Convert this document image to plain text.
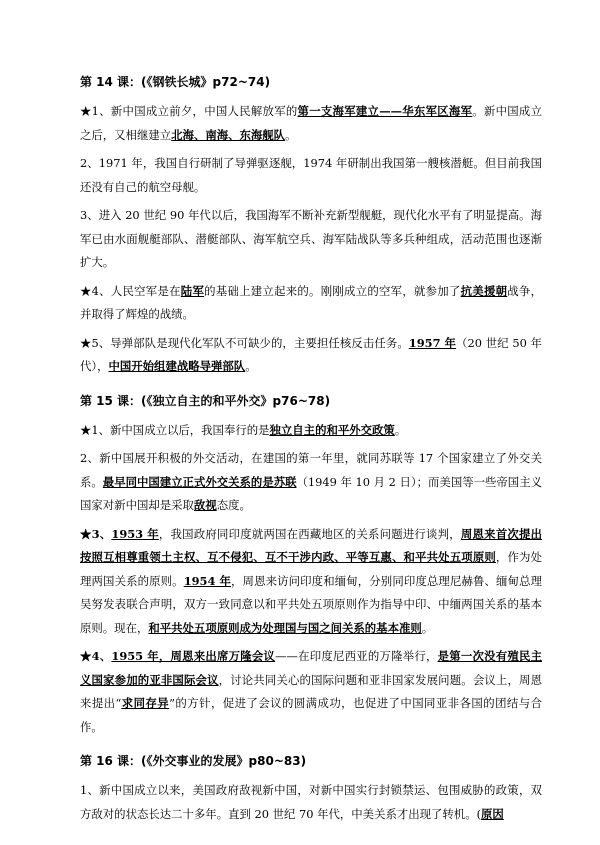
第 14 课：(《钢铁长城》p72~74)
★1、新中国成立前夕，中国人民解放军的第一支海军建立——华东军区海军。新中国成立之后，又相继建立北海、南海、东海舰队。
2、1971 年，我国自行研制了导弹驱逐舰，1974 年研制出我国第一艘核潜艇。但目前我国还没有自己的航空母舰。
3、进入 20 世纪 90 年代以后，我国海军不断补充新型舰艇，现代化水平有了明显提高。海军已由水面舰艇部队、潜艇部队、海军航空兵、海军陆战队等多兵种组成，活动范围也逐渐扩大。
★4、人民空军是在陆军的基础上建立起来的。刚刚成立的空军，就参加了抗美援朝战争，并取得了辉煌的战绩。
★5、导弹部队是现代化军队不可缺少的，主要担任核反击任务。1957 年（20 世纪 50 年代），中国开始组建战略导弹部队。
第 15 课：(《独立自主的和平外交》p76~78)
★1、新中国成立以后，我国奉行的是独立自主的和平外交政策。
2、新中国展开积极的外交活动，在建国的第一年里，就同苏联等 17 个国家建立了外交关系。最早同中国建立正式外交关系的是苏联（1949 年 10 月 2 日）；而美国等一些帝国主义国家对新中国却是采取敌视态度。
★3、1953 年，我国政府同印度就两国在西藏地区的关系问题进行谈判，周恩来首次提出按照互相尊重领土主权、互不侵犯、互不干涉内政、平等互惠、和平共处五项原则，作为处理两国关系的原则。1954 年，周恩来访问印度和缅甸，分别同印度总理尼赫鲁、缅甸总理吴努发表联合声明，双方一致同意以和平共处五项原则作为指导中印、中缅两国关系的基本原则。现在，和平共处五项原则成为处理国与国之间关系的基本准则。
★4、1955 年，周恩来出席万隆会议——在印度尼西亚的万隆举行，是第一次没有殖民主义国家参加的亚非国际会议，讨论共同关心的国际问题和亚非国家发展问题。会议上，周恩来提出“求同存异”的方针，促进了会议的圆满成功，也促进了中国同亚非各国的团结与合作。
第 16 课：(《外交事业的发展》p80~83)
1、新中国成立以来，美国政府敌视新中国，对新中国实行封锁禁运、包围威胁的政策，双方敌对的状态长达二十多年。直到 20 世纪 70 年代，中美关系才出现了转机。(原因
